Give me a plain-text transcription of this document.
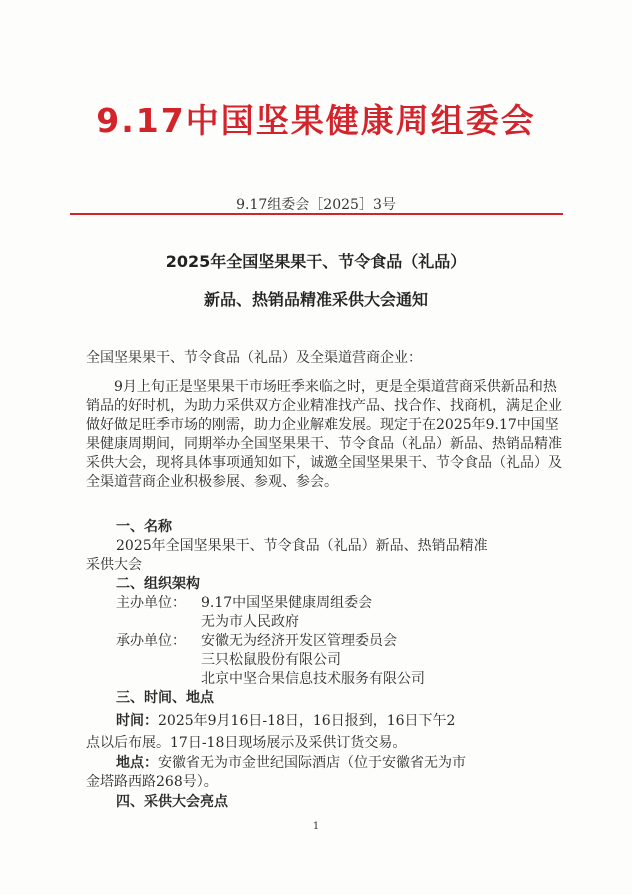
9.17中国坚果健康周组委会
9.17组委会［2025］3号
2025年全国坚果果干、节令食品（礼品）
新品、热销品精准采供大会通知
全国坚果果干、节令食品（礼品）及全渠道营商企业：
9月上旬正是坚果果干市场旺季来临之时，更是全渠道营商采供新品和热销品的好时机，为助力采供双方企业精准找产品、找合作、找商机，满足企业做好做足旺季市场的刚需，助力企业解难发展。现定于在2025年9.17中国坚果健康周期间，同期举办全国坚果果干、节令食品（礼品）新品、热销品精准采供大会，现将具体事项通知如下，诚邀全国坚果果干、节令食品（礼品）及全渠道营商企业积极参展、参观、参会。
一、名称
2025年全国坚果果干、节令食品（礼品）新品、热销品精准
采供大会
二、组织架构
主办单位： 9.17中国坚果健康周组委会
无为市人民政府
承办单位： 安徽无为经济开发区管理委员会
三只松鼠股份有限公司
北京中坚合果信息技术服务有限公司
三、时间、地点
时间：2025年9月16日-18日，16日报到，16日下午2
点以后布展。17日-18日现场展示及采供订货交易。
地点：安徽省无为市金世纪国际酒店（位于安徽省无为市
金塔路西路268号）。
四、采供大会亮点
1
